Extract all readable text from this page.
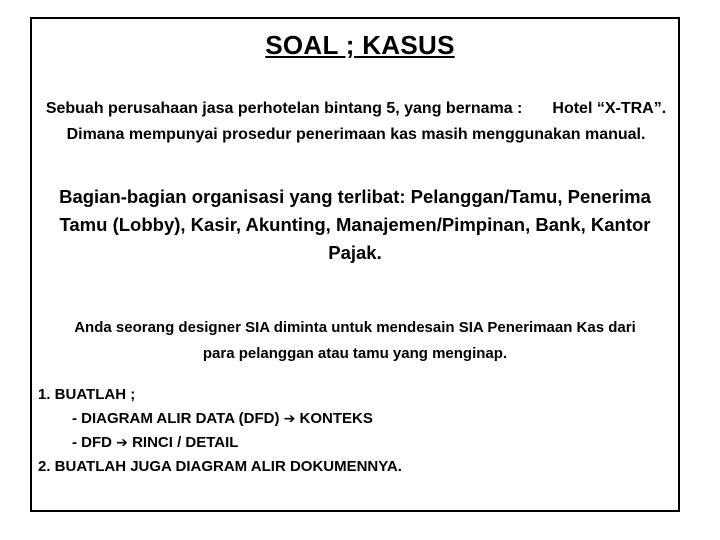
SOAL ; KASUS
Sebuah perusahaan jasa perhotelan bintang 5, yang bernama : Hotel “X-TRA”. Dimana mempunyai prosedur penerimaan kas masih menggunakan manual.
Bagian-bagian organisasi yang terlibat: Pelanggan/Tamu, Penerima Tamu (Lobby), Kasir, Akunting, Manajemen/Pimpinan, Bank, Kantor Pajak.
Anda seorang designer SIA diminta untuk mendesain SIA Penerimaan Kas dari para pelanggan atau tamu yang menginap.
1. BUATLAH ;
- DIAGRAM ALIR DATA (DFD) ➔ KONTEKS
- DFD ➔ RINCI / DETAIL
2. BUATLAH JUGA DIAGRAM ALIR DOKUMENNYA.
